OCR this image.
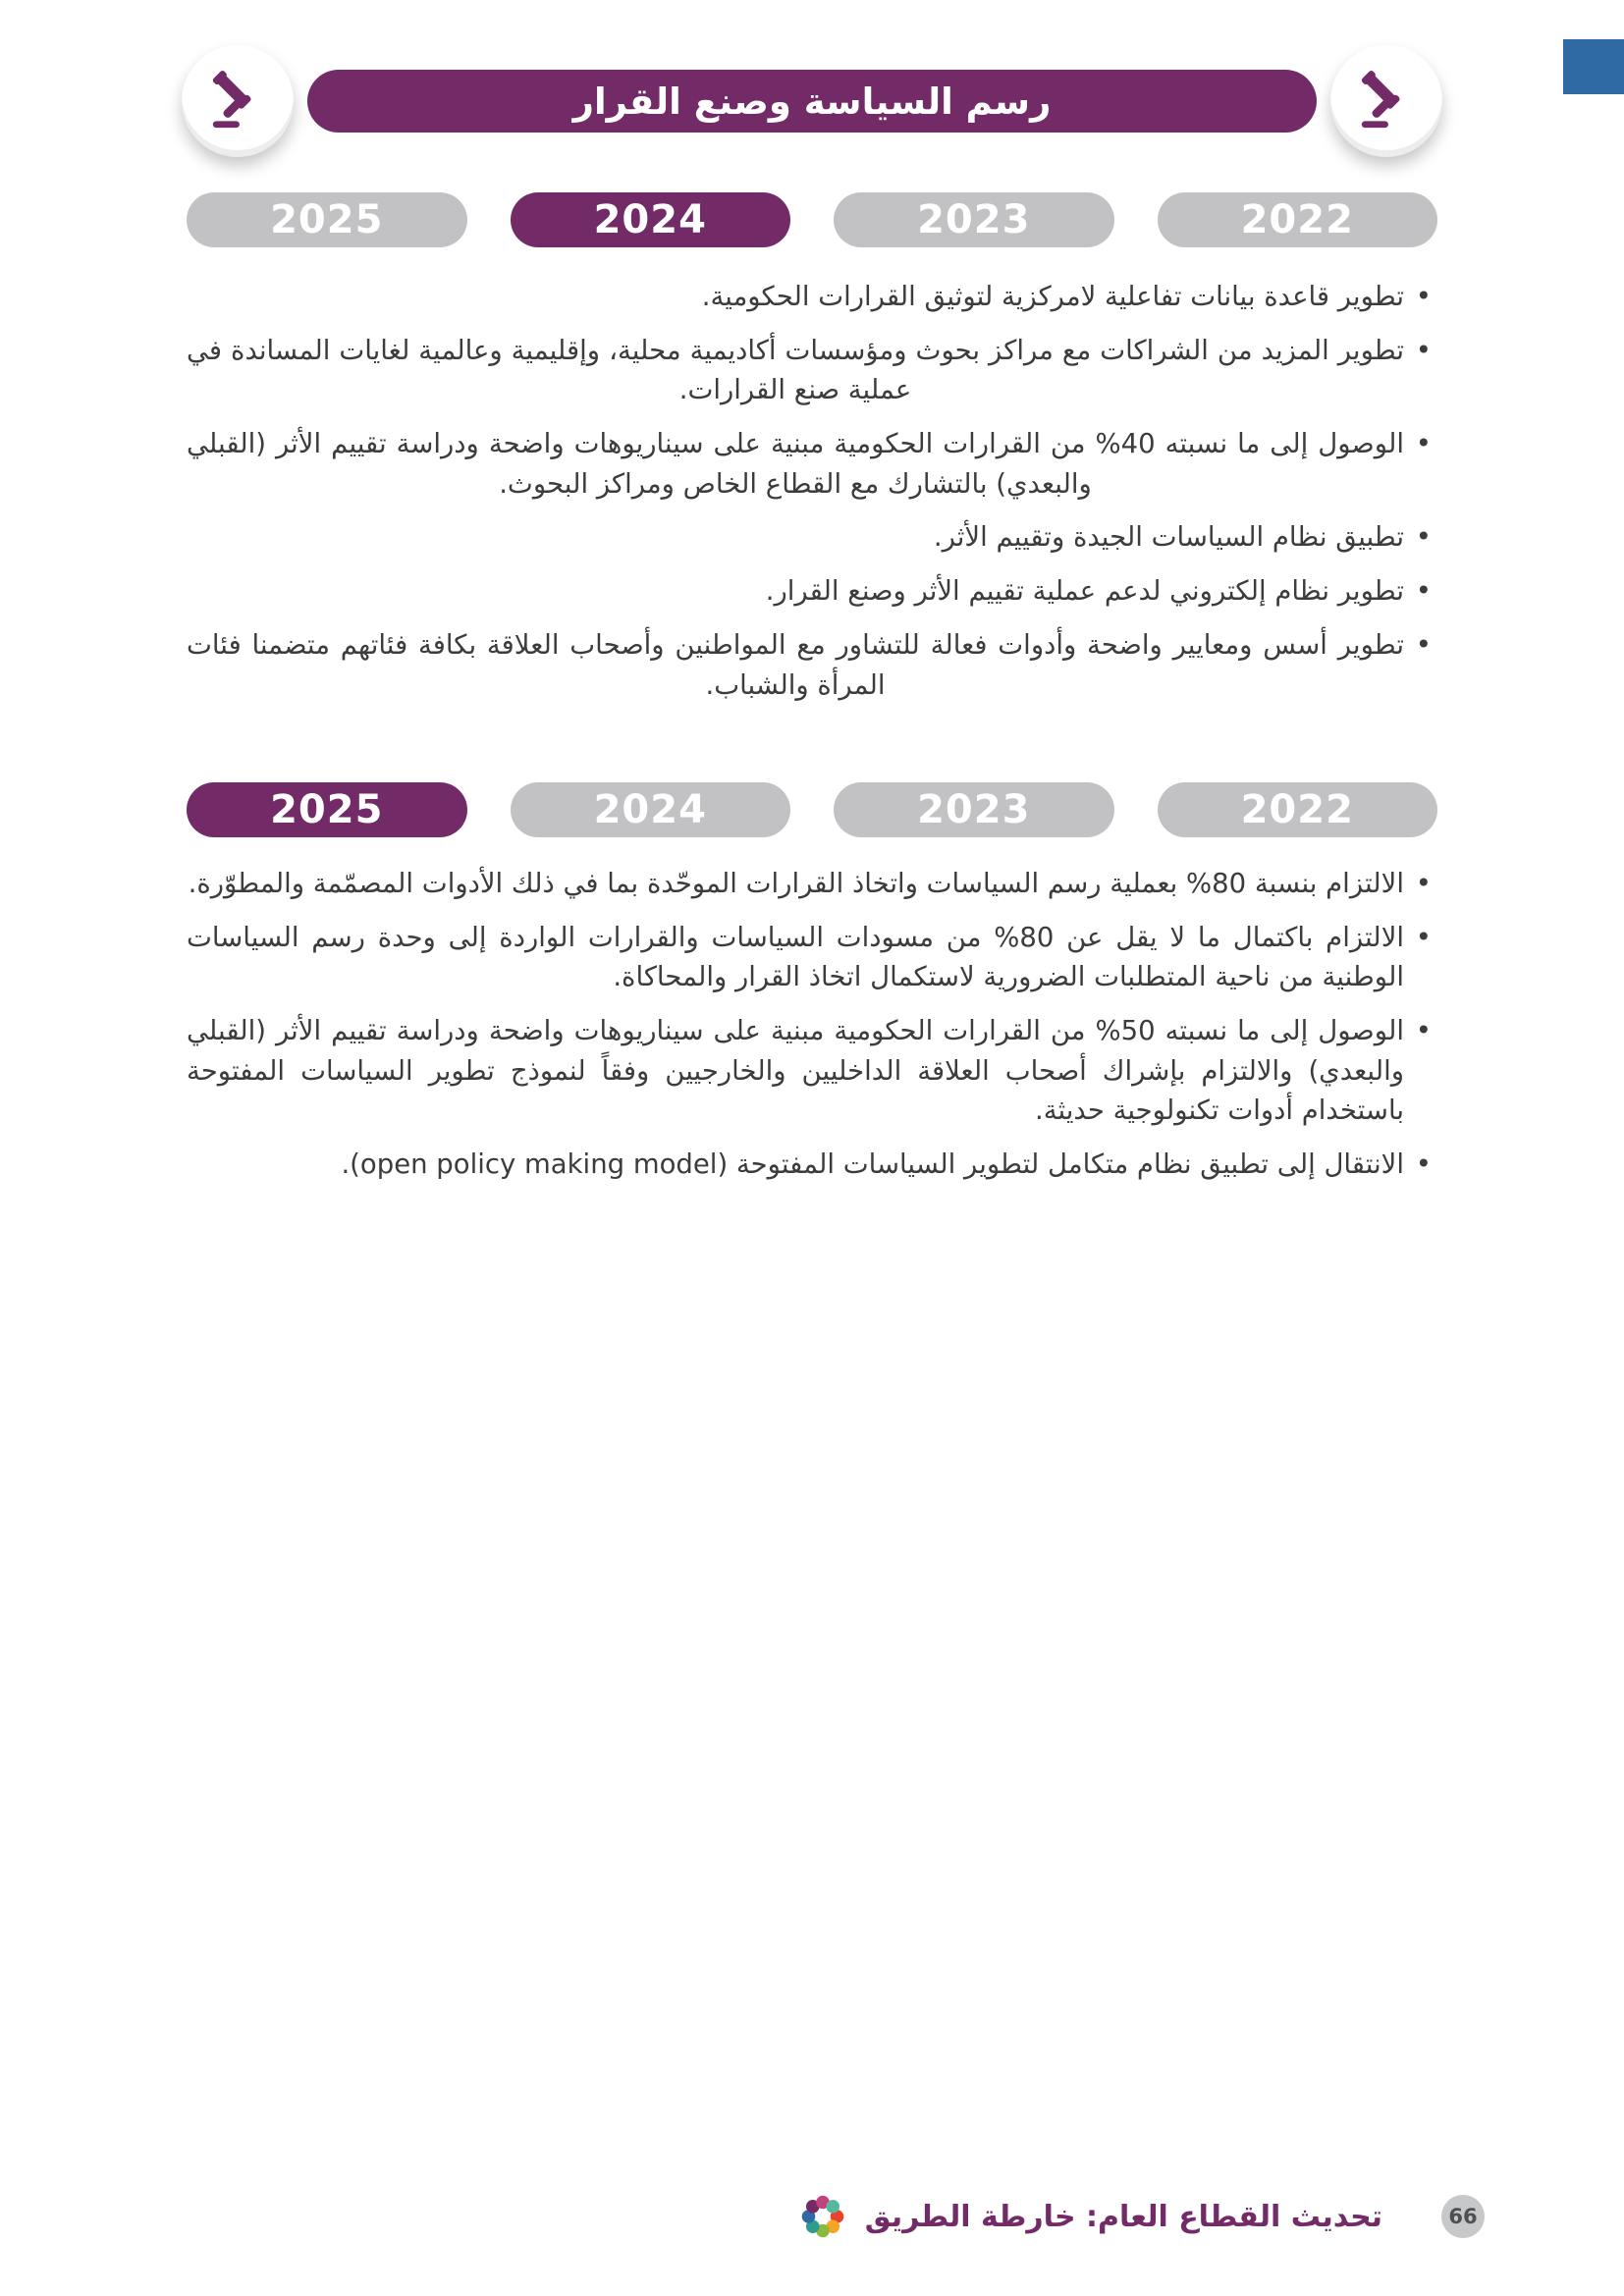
رسم السياسة وصنع القرار
2025	2024	2023	2022

• تطوير قاعدة بيانات تفاعلية لامركزية لتوثيق القرارات الحكومية.

• تطوير المزيد من الشراكات مع مراكز بحوث ومؤسسات أكاديمية محلية، وإقليمية وعالمية لغايات المساندة في عملية صنع القرارات.

• الوصول إلى ما نسبته 40% من القرارات الحكومية مبنية على سيناريوهات واضحة ودراسة تقييم الأثر (القبلي والبعدي) بالتشارك مع القطاع الخاص ومراكز البحوث.

• تطبيق نظام السياسات الجيدة وتقييم الأثر.

• تطوير نظام إلكتروني لدعم عملية تقييم الأثر وصنع القرار.

• تطوير أسس ومعايير واضحة وأدوات فعالة للتشاور مع المواطنين وأصحاب العلاقة بكافة فئاتهم متضمنا فئات المرأة والشباب.

2025	2024	2023	2022

• الالتزام بنسبة 80% بعملية رسم السياسات واتخاذ القرارات الموحّدة بما في ذلك الأدوات المصمّمة والمطوّرة.

• الالتزام باكتمال ما لا يقل عن 80% من مسودات السياسات والقرارات الواردة إلى وحدة رسم السياسات الوطنية من ناحية المتطلبات الضرورية لاستكمال اتخاذ القرار والمحاكاة.

• الوصول إلى ما نسبته 50% من القرارات الحكومية مبنية على سيناريوهات واضحة ودراسة تقييم الأثر (القبلي والبعدي) والالتزام بإشراك أصحاب العلاقة الداخليين والخارجيين وفقاً لنموذج تطوير السياسات المفتوحة باستخدام أدوات تكنولوجية حديثة.

• الانتقال إلى تطبيق نظام متكامل لتطوير السياسات المفتوحة (open policy making model).

تحديث القطاع العام: خارطة الطريق	66
